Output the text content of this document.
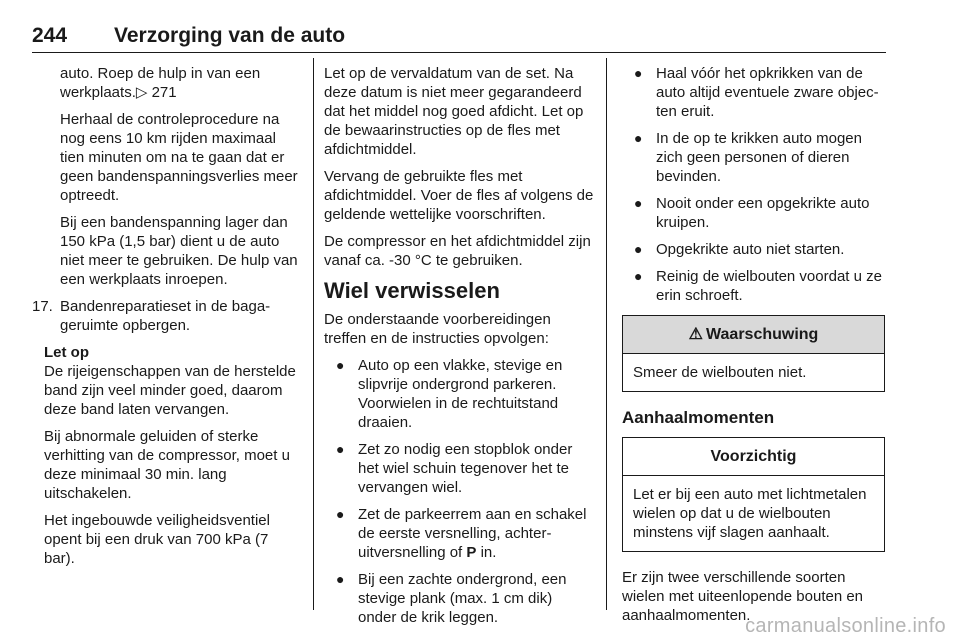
244 Verzorging van de auto

auto. Roep de hulp in van een werkplaats.▷ 271

Herhaal de controleprocedure na nog eens 10 km rijden maximaal tien minuten om na te gaan dat er geen bandenspanningsverlies meer optreedt.

Bij een bandenspanning lager dan 150 kPa (1,5 bar) dient u de auto niet meer te gebruiken. De hulp van een werkplaats inroepen.

17. Bandenreparatieset in de bagageruimte opbergen.
Let op

De rijeigenschappen van de herstelde band zijn veel minder goed, daarom deze band laten vervangen.

Bij abnormale geluiden of sterke verhitting van de compressor, moet u deze minimaal 30 min. lang uitschakelen.

Het ingebouwde veiligheidsventiel opent bij een druk van 700 kPa (7 bar).

Let op de vervaldatum van de set. Na deze datum is niet meer gegarandeerd dat het middel nog goed afdicht. Let op de bewaarinstructies op de fles met afdichtmiddel.

Vervang de gebruikte fles met afdichtmiddel. Voer de fles af volgens de geldende wettelijke voorschriften.

De compressor en het afdichtmiddel zijn vanaf ca. -30 °C te gebruiken.

Wiel verwisselen

De onderstaande voorbereidingen treffen en de instructies opvolgen:

● Auto op een vlakke, stevige en slipvrije ondergrond parkeren. Voorwielen in de rechtuitstand draaien.
● Zet zo nodig een stopblok onder het wiel schuin tegenover het te vervangen wiel.
● Zet de parkeerrem aan en schakel de eerste versnelling, achteruitversnelling of P in.
● Bij een zachte ondergrond, een stevige plank (max. 1 cm dik) onder de krik leggen.
● Haal vóór het opkrikken van de auto altijd eventuele zware objecten eruit.
● In de op te krikken auto mogen zich geen personen of dieren bevinden.
● Nooit onder een opgekrikte auto kruipen.
● Opgekrikte auto niet starten.
● Reinig de wielbouten voordat u ze erin schroeft.
⚠ Waarschuwing
Smeer de wielbouten niet.
Aanhaalmomenten
Voorzichtig
Let er bij een auto met lichtmetalen wielen op dat u de wielbouten minstens vijf slagen aanhaalt.

Er zijn twee verschillende soorten wielen met uiteenlopende bouten en aanhaalmomenten.

carmanualsonline.info
